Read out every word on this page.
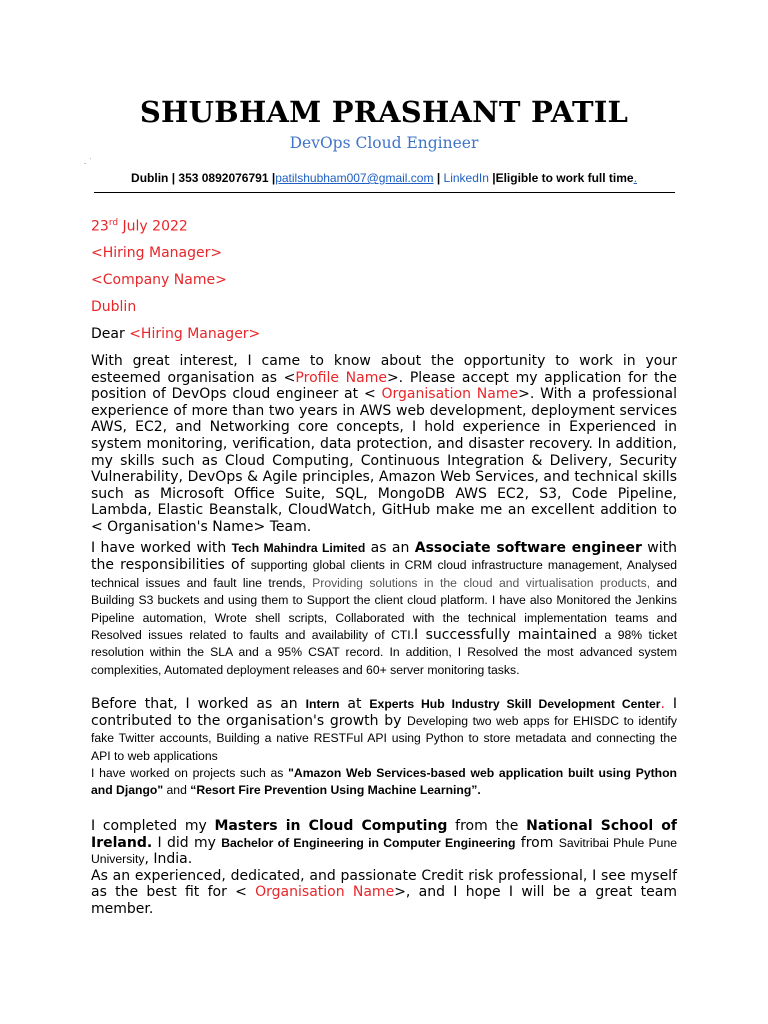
SHUBHAM PRASHANT PATIL
DevOps Cloud Engineer
. ˙
Dublin | 353 0892076791 |patilshubham007@gmail.com | LinkedIn |Eligible to work full time.
23rd July 2022
<Hiring Manager>
<Company Name>
Dublin
Dear <Hiring Manager>
With great interest, I came to know about the opportunity to work in your esteemed organisation as <Profile Name>. Please accept my application for the position of DevOps cloud engineer at < Organisation Name>. With a professional experience of more than two years in AWS web development, deployment services AWS, EC2, and Networking core concepts, I hold experience in Experienced in system monitoring, verification, data protection, and disaster recovery. In addition, my skills such as Cloud Computing, Continuous Integration & Delivery, Security Vulnerability, DevOps & Agile principles, Amazon Web Services, and technical skills such as Microsoft Office Suite, SQL, MongoDB AWS EC2, S3, Code Pipeline, Lambda, Elastic Beanstalk, CloudWatch, GitHub make me an excellent addition to < Organisation's Name> Team.
I have worked with Tech Mahindra Limited as an Associate software engineer with the responsibilities of supporting global clients in CRM cloud infrastructure management, Analysed technical issues and fault line trends, Providing solutions in the cloud and virtualisation products, and Building S3 buckets and using them to Support the client cloud platform. I have also Monitored the Jenkins Pipeline automation, Wrote shell scripts, Collaborated with the technical implementation teams and Resolved issues related to faults and availability of CTI.I successfully maintained a 98% ticket resolution within the SLA and a 95% CSAT record. In addition, I Resolved the most advanced system complexities, Automated deployment releases and 60+ server monitoring tasks.
Before that, I worked as an Intern at Experts Hub Industry Skill Development Center. I contributed to the organisation's growth by Developing two web apps for EHISDC to identify fake Twitter accounts, Building a native RESTFul API using Python to store metadata and connecting the API to web applications
I have worked on projects such as "Amazon Web Services-based web application built using Python and Django" and “Resort Fire Prevention Using Machine Learning”.
I completed my Masters in Cloud Computing from the National School of Ireland. I did my Bachelor of Engineering in Computer Engineering from Savitribai Phule Pune University, India.
As an experienced, dedicated, and passionate Credit risk professional, I see myself as the best fit for < Organisation Name>, and I hope I will be a great team member.
